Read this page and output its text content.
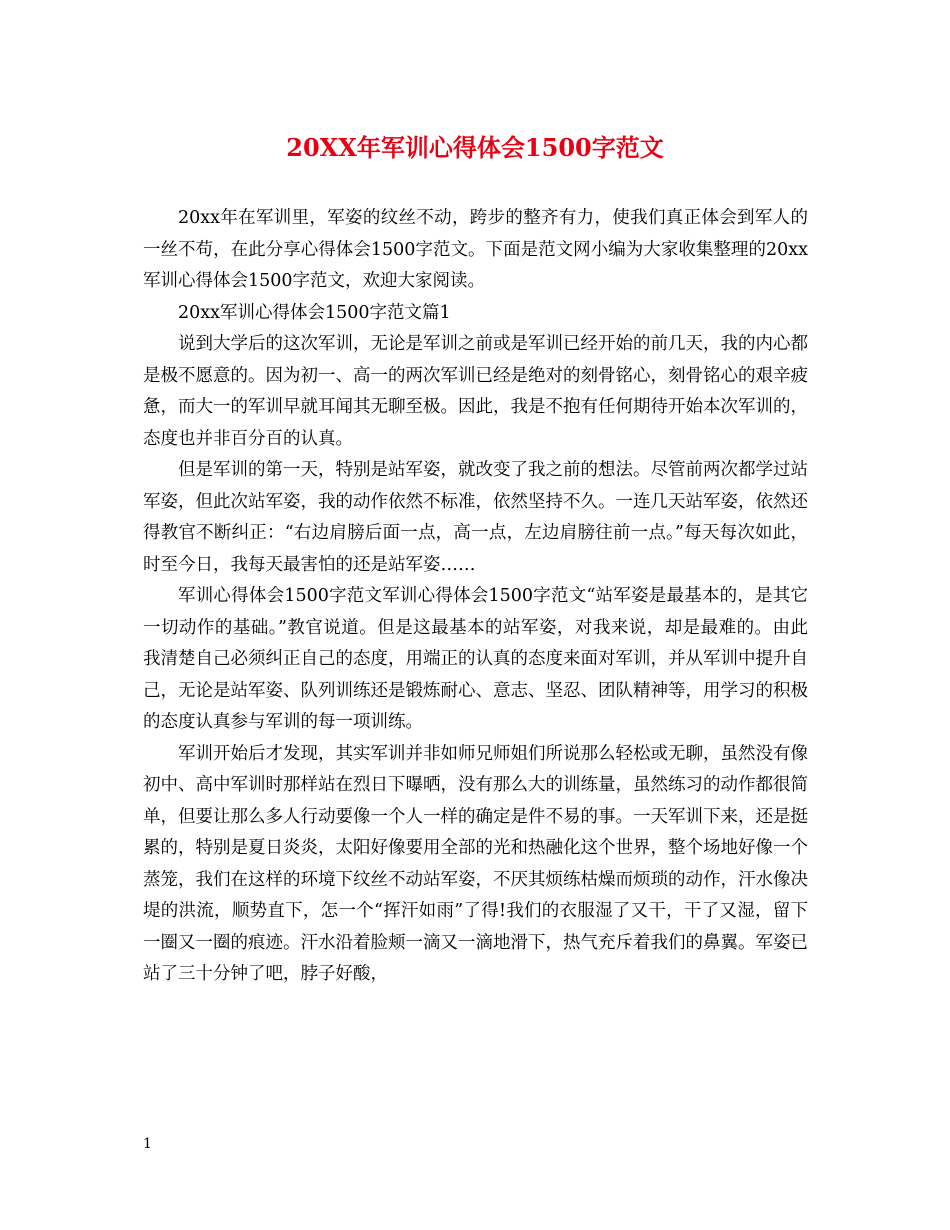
20XX年军训心得体会1500字范文

20xx年在军训里，军姿的纹丝不动，跨步的整齐有力，使我们真正体会到军人的一丝不苟，在此分享心得体会1500字范文。下面是范文网小编为大家收集整理的20xx军训心得体会1500字范文，欢迎大家阅读。

20xx军训心得体会1500字范文篇1

说到大学后的这次军训，无论是军训之前或是军训已经开始的前几天，我的内心都是极不愿意的。因为初一、高一的两次军训已经是绝对的刻骨铭心，刻骨铭心的艰辛疲惫，而大一的军训早就耳闻其无聊至极。因此，我是不抱有任何期待开始本次军训的，态度也并非百分百的认真。

但是军训的第一天，特别是站军姿，就改变了我之前的想法。尽管前两次都学过站军姿，但此次站军姿，我的动作依然不标准，依然坚持不久。一连几天站军姿，依然还得教官不断纠正：“右边肩膀后面一点，高一点，左边肩膀往前一点。”每天每次如此，时至今日，我每天最害怕的还是站军姿……

军训心得体会1500字范文军训心得体会1500字范文“站军姿是最基本的，是其它一切动作的基础。”教官说道。但是这最基本的站军姿，对我来说，却是最难的。由此我清楚自己必须纠正自己的态度，用端正的认真的态度来面对军训，并从军训中提升自己，无论是站军姿、队列训练还是锻炼耐心、意志、坚忍、团队精神等，用学习的积极的态度认真参与军训的每一项训练。

军训开始后才发现，其实军训并非如师兄师姐们所说那么轻松或无聊，虽然没有像初中、高中军训时那样站在烈日下曝晒，没有那么大的训练量，虽然练习的动作都很简单，但要让那么多人行动要像一个人一样的确定是件不易的事。一天军训下来，还是挺累的，特别是夏日炎炎，太阳好像要用全部的光和热融化这个世界，整个场地好像一个蒸笼，我们在这样的环境下纹丝不动站军姿，不厌其烦练枯燥而烦琐的动作，汗水像决堤的洪流，顺势直下，怎一个“挥汗如雨”了得!我们的衣服湿了又干，干了又湿，留下一圈又一圈的痕迹。汗水沿着脸颊一滴又一滴地滑下，热气充斥着我们的鼻翼。军姿已站了三十分钟了吧，脖子好酸，

1
